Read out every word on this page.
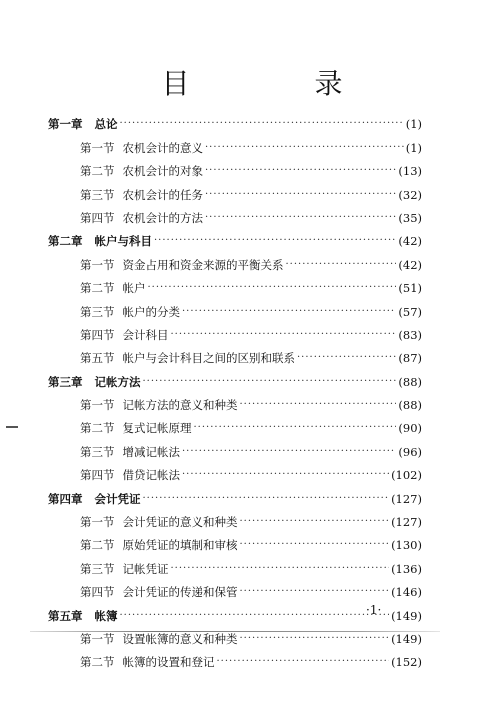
目 录
第一章 总论 ·····	(1)
第一节 农机会计的意义 ·····	(1)
第二节 农机会计的对象 ·····	(13)
第三节 农机会计的任务 ·····	(32)
第四节 农机会计的方法 ·····	(35)
第二章 帐户与科目 ·····	(42)
第一节 资金占用和资金来源的平衡关系 ·····	(42)
第二节 帐户 ·····	(51)
第三节 帐户的分类 ·····	(57)
第四节 会计科目 ·····	(83)
第五节 帐户与会计科目之间的区别和联系 ·····	(87)
第三章 记帐方法 ·····	(88)
第一节 记帐方法的意义和种类 ·····	(88)
第二节 复式记帐原理 ·····	(90)
第三节 增减记帐法 ·····	(96)
第四节 借贷记帐法 ·····	(102)
第四章 会计凭证 ·····	(127)
第一节 会计凭证的意义和种类 ·····	(127)
第二节 原始凭证的填制和审核 ·····	(130)
第三节 记帐凭证 ·····	(136)
第四节 会计凭证的传递和保管 ·····	(146)
第五章 帐簿 ·····	(149)
第一节 设置帐簿的意义和种类 ·····	(149)
第二节 帐簿的设置和登记 ·····	(152)
·1·
